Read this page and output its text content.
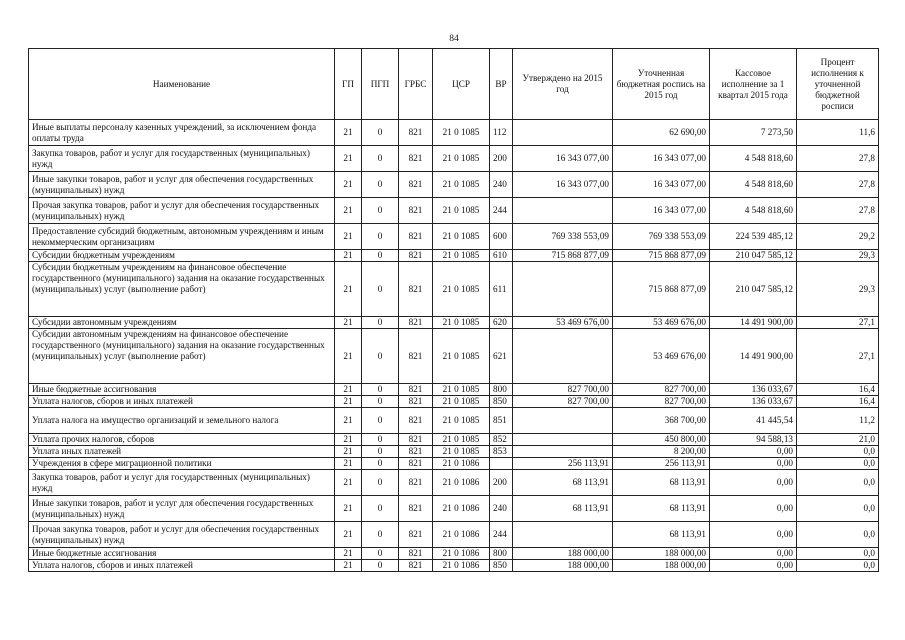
84
Наименование	ГП	ПГП	ГРБС	ЦСР	ВР	Утверждено на 2015 год	Уточненная бюджетная роспись на 2015 год	Кассовое исполнение за 1 квартал 2015 года	Процент исполнения к уточненной бюджетной росписи
Иные выплаты персоналу казенных учреждений, за исключением фонда оплаты труда	21	0	821	21 0 1085	112		62 690,00	7 273,50	11,6
Закупка товаров, работ и услуг для государственных (муниципальных) нужд	21	0	821	21 0 1085	200	16 343 077,00	16 343 077,00	4 548 818,60	27,8
Иные закупки товаров, работ и услуг для обеспечения государственных (муниципальных) нужд	21	0	821	21 0 1085	240	16 343 077,00	16 343 077,00	4 548 818,60	27,8
Прочая закупка товаров, работ и услуг для обеспечения государственных (муниципальных) нужд	21	0	821	21 0 1085	244		16 343 077,00	4 548 818,60	27,8
Предоставление субсидий бюджетным, автономным учреждениям и иным некоммерческим организациям	21	0	821	21 0 1085	600	769 338 553,09	769 338 553,09	224 539 485,12	29,2
Субсидии бюджетным учреждениям	21	0	821	21 0 1085	610	715 868 877,09	715 868 877,09	210 047 585,12	29,3
Субсидии бюджетным учреждениям на финансовое обеспечение государственного (муниципального) задания на оказание государственных (муниципальных) услуг (выполнение работ)	21	0	821	21 0 1085	611		715 868 877,09	210 047 585,12	29,3
Субсидии автономным учреждениям	21	0	821	21 0 1085	620	53 469 676,00	53 469 676,00	14 491 900,00	27,1
Субсидии автономным учреждениям на финансовое обеспечение государственного (муниципального) задания на оказание государственных (муниципальных) услуг (выполнение работ)	21	0	821	21 0 1085	621		53 469 676,00	14 491 900,00	27,1
Иные бюджетные ассигнования	21	0	821	21 0 1085	800	827 700,00	827 700,00	136 033,67	16,4
Уплата налогов, сборов и иных платежей	21	0	821	21 0 1085	850	827 700,00	827 700,00	136 033,67	16,4
Уплата налога на имущество организаций и земельного налога	21	0	821	21 0 1085	851		368 700,00	41 445,54	11,2
Уплата прочих налогов, сборов	21	0	821	21 0 1085	852		450 800,00	94 588,13	21,0
Уплата иных платежей	21	0	821	21 0 1085	853		8 200,00	0,00	0,0
Учреждения в сфере миграционной политики	21	0	821	21 0 1086		256 113,91	256 113,91	0,00	0,0
Закупка товаров, работ и услуг для государственных (муниципальных) нужд	21	0	821	21 0 1086	200	68 113,91	68 113,91	0,00	0,0
Иные закупки товаров, работ и услуг для обеспечения государственных (муниципальных) нужд	21	0	821	21 0 1086	240	68 113,91	68 113,91	0,00	0,0
Прочая закупка товаров, работ и услуг для обеспечения государственных (муниципальных) нужд	21	0	821	21 0 1086	244		68 113,91	0,00	0,0
Иные бюджетные ассигнования	21	0	821	21 0 1086	800	188 000,00	188 000,00	0,00	0,0
Уплата налогов, сборов и иных платежей	21	0	821	21 0 1086	850	188 000,00	188 000,00	0,00	0,0
